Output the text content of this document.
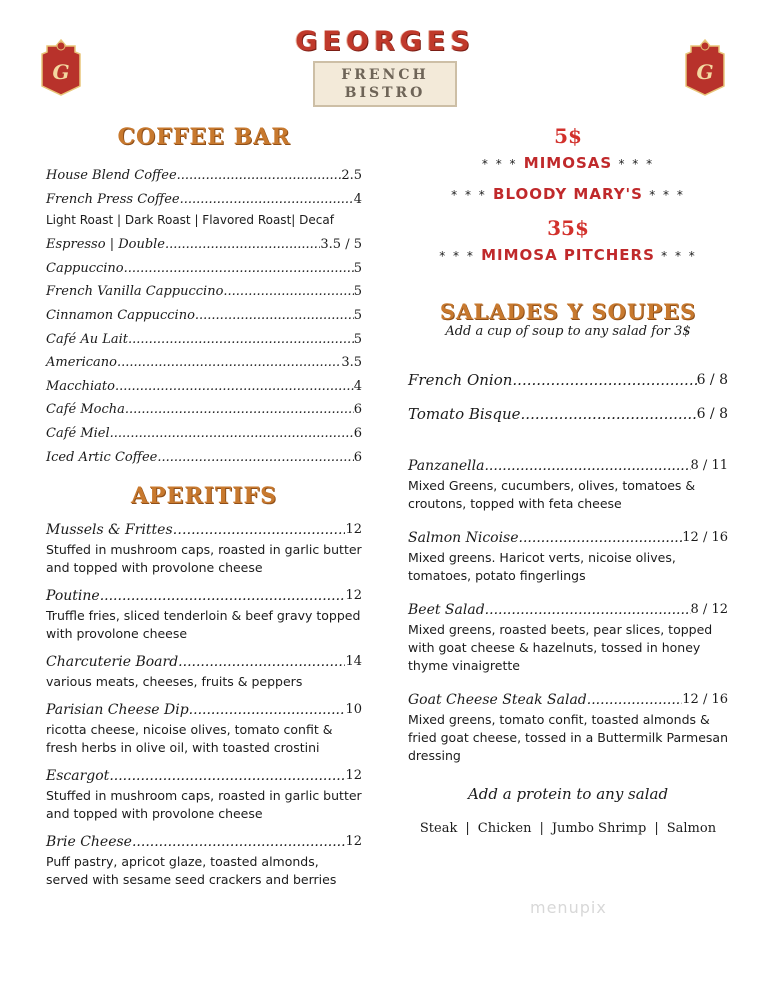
G	G
GEORGES
FRENCH
BISTRO
COFFEE BAR
House Blend Coffee .....	2.5
French Press Coffee .....	4
Light Roast | Dark Roast | Flavored Roast| Decaf
Espresso | Double .....	3.5 / 5
Cappuccino .....	5
French Vanilla Cappuccino .....	5
Cinnamon Cappuccino .....	5
Café Au Lait .....	5
Americano .....	3.5
Macchiato .....	4
Café Mocha .....	6
Café Miel .....	6
Iced Artic Coffee .....	6
APERITIFS
Mussels & Frittes… .....	12
Stuffed in mushroom caps, roasted in garlic butter and topped with provolone cheese
Poutine .....	12
Truffle fries, sliced tenderloin & beef gravy topped with provolone cheese
Charcuterie Board .....	14
various meats, cheeses, fruits & peppers
Parisian Cheese Dip .....	10
ricotta cheese, nicoise olives, tomato confit & fresh herbs in olive oil, with toasted crostini
Escargot .....	12
Stuffed in mushroom caps, roasted in garlic butter and topped with provolone cheese
Brie Cheese .....	12
Puff pastry, apricot glaze, toasted almonds, served with sesame seed crackers and berries
5$
* * * MIMOSAS * * *
* * * BLOODY MARY'S * * *
35$
* * * MIMOSA PITCHERS * * *
SALADES Y SOUPES
Add a cup of soup to any salad for 3$
French Onion .....	6 / 8
Tomato Bisque .....	6 / 8
Panzanella .....	8 / 11
Mixed Greens, cucumbers, olives, tomatoes & croutons, topped with feta cheese
Salmon Nicoise .....	12 / 16
Mixed greens. Haricot verts, nicoise olives, tomatoes, potato fingerlings
Beet Salad .....	8 / 12
Mixed greens, roasted beets, pear slices, topped with goat cheese & hazelnuts, tossed in honey thyme vinaigrette
Goat Cheese Steak Salad .....	12 / 16
Mixed greens, tomato confit, toasted almonds & fried goat cheese, tossed in a Buttermilk Parmesan dressing
Add a protein to any salad
Steak | Chicken | Jumbo Shrimp | Salmon
menupix
